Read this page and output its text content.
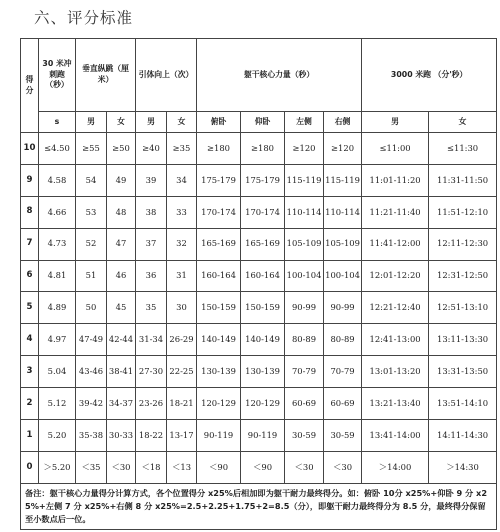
六、评分标准
得分	30 米冲刺跑（秒）	垂直纵跳（厘米）		引体向上（次）		躯干核心力量（秒）				3000 米跑 （分'秒）	
	s	男	女	男	女	俯卧	仰卧	左侧	右侧	男	女
10	≤4.50	≥55	≥50	≥40	≥35	≥180	≥180	≥120	≥120	≤11:00	≤11:30
9	4.58	54	49	39	34	175-179	175-179	115-119	115-119	11:01-11:20	11:31-11:50
8	4.66	53	48	38	33	170-174	170-174	110-114	110-114	11:21-11:40	11:51-12:10
7	4.73	52	47	37	32	165-169	165-169	105-109	105-109	11:41-12:00	12:11-12:30
6	4.81	51	46	36	31	160-164	160-164	100-104	100-104	12:01-12:20	12:31-12:50
5	4.89	50	45	35	30	150-159	150-159	90-99	90-99	12:21-12:40	12:51-13:10
4	4.97	47-49	42-44	31-34	26-29	140-149	140-149	80-89	80-89	12:41-13:00	13:11-13:30
3	5.04	43-46	38-41	27-30	22-25	130-139	130-139	70-79	70-79	13:01-13:20	13:31-13:50
2	5.12	39-42	34-37	23-26	18-21	120-129	120-129	60-69	60-69	13:21-13:40	13:51-14:10
1	5.20	35-38	30-33	18-22	13-17	90-119	90-119	30-59	30-59	13:41-14:00	14:11-14:30
0	＞5.20	＜35	＜30	＜18	＜13	＜90	＜90	＜30	＜30	＞14:00	＞14:30
备注：躯干核心力量得分计算方式，各个位置得分 x25%后相加即为躯干耐力最终得分。如：俯卧 10分 x25%+仰卧 9 分 x25%+左侧 7 分 x25%+右侧 8 分 x25%=2.5+2.25+1.75+2=8.5（分），即躯干耐力最终得分为 8.5 分，最终得分保留至小数点后一位。											
